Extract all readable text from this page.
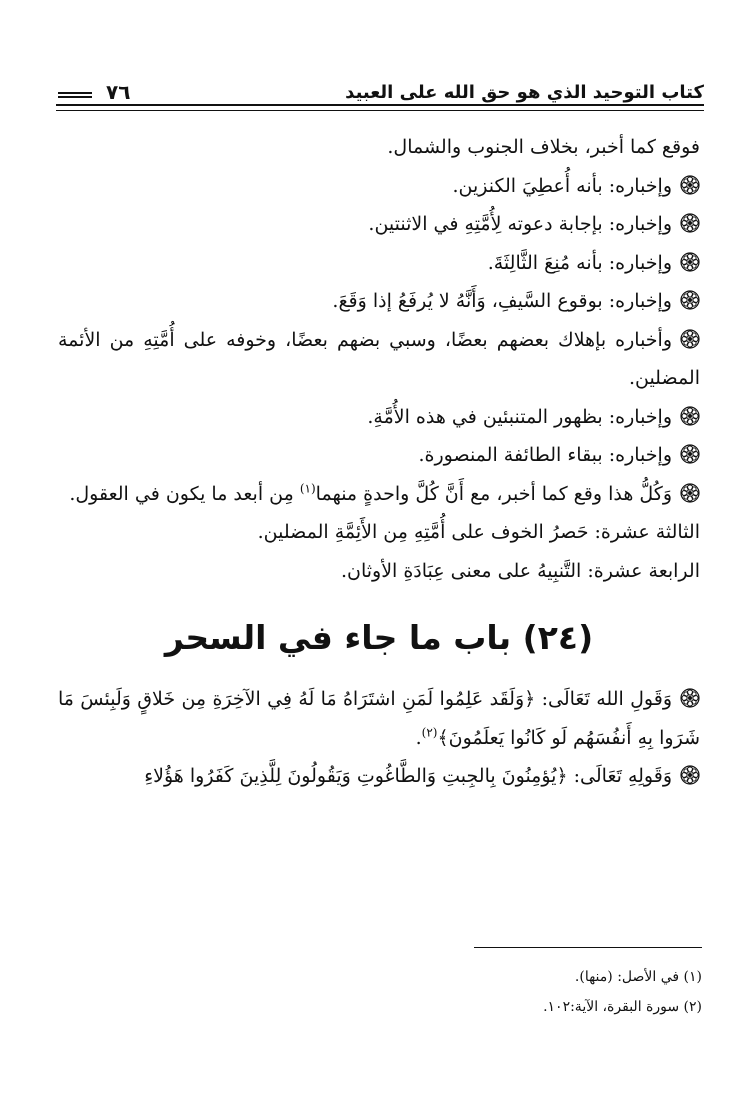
كتاب التوحيد الذي هو حق الله على العبيد
٧٦

فوقع كما أخبر، بخلاف الجنوب والشمال.

وإخباره: بأنه أُعطِيَ الكنزين.

وإخباره: بإجابة دعوته لِأُمَّتِهِ في الاثنتين.

وإخباره: بأنه مُنِعَ الثَّالِثَةَ.

وإخباره: بوقوع السَّيفِ، وَأَنَّهُ لا يُرفَعُ إذا وَقَعَ.

وأخباره بإهلاك بعضهم بعضًا، وسبي بضهم بعضًا، وخوفه على أُمَّتِهِ من الأئمة المضلين.

وإخباره: بظهور المتنبئين في هذه الأُمَّةِ.

وإخباره: ببقاء الطائفة المنصورة.

وَكُلُّ هذا وقع كما أخبر، مع أَنَّ كُلَّ واحدةٍ منهما$^{(١)}$ مِن أبعد ما يكون في العقول.

الثالثة عشرة: حَصرُ الخوف على أُمَّتِهِ مِن الأَئِمَّةِ المضلين.

الرابعة عشرة: التَّنبِيهُ على معنى عِبَادَةِ الأوثان.

(٢٤) باب ما جاء في السحر

وَقَولِ الله تَعَالَى: ﴿وَلَقَد عَلِمُوا لَمَنِ اشتَرَاهُ مَا لَهُ فِي الآخِرَةِ مِن خَلاقٍ وَلَبِئسَ مَا شَرَوا بِهِ أَنفُسَهُم لَو كَانُوا يَعلَمُونَ﴾$^{(٢)}$.

وَقَولِهِ تَعَالَى: ﴿يُؤمِنُونَ بِالجِبتِ وَالطَّاغُوتِ وَيَقُولُونَ لِلَّذِينَ كَفَرُوا هَؤُلاءِ

(١) في الأصل: (منها).
(٢) سورة البقرة، الآية:١٠٢.
